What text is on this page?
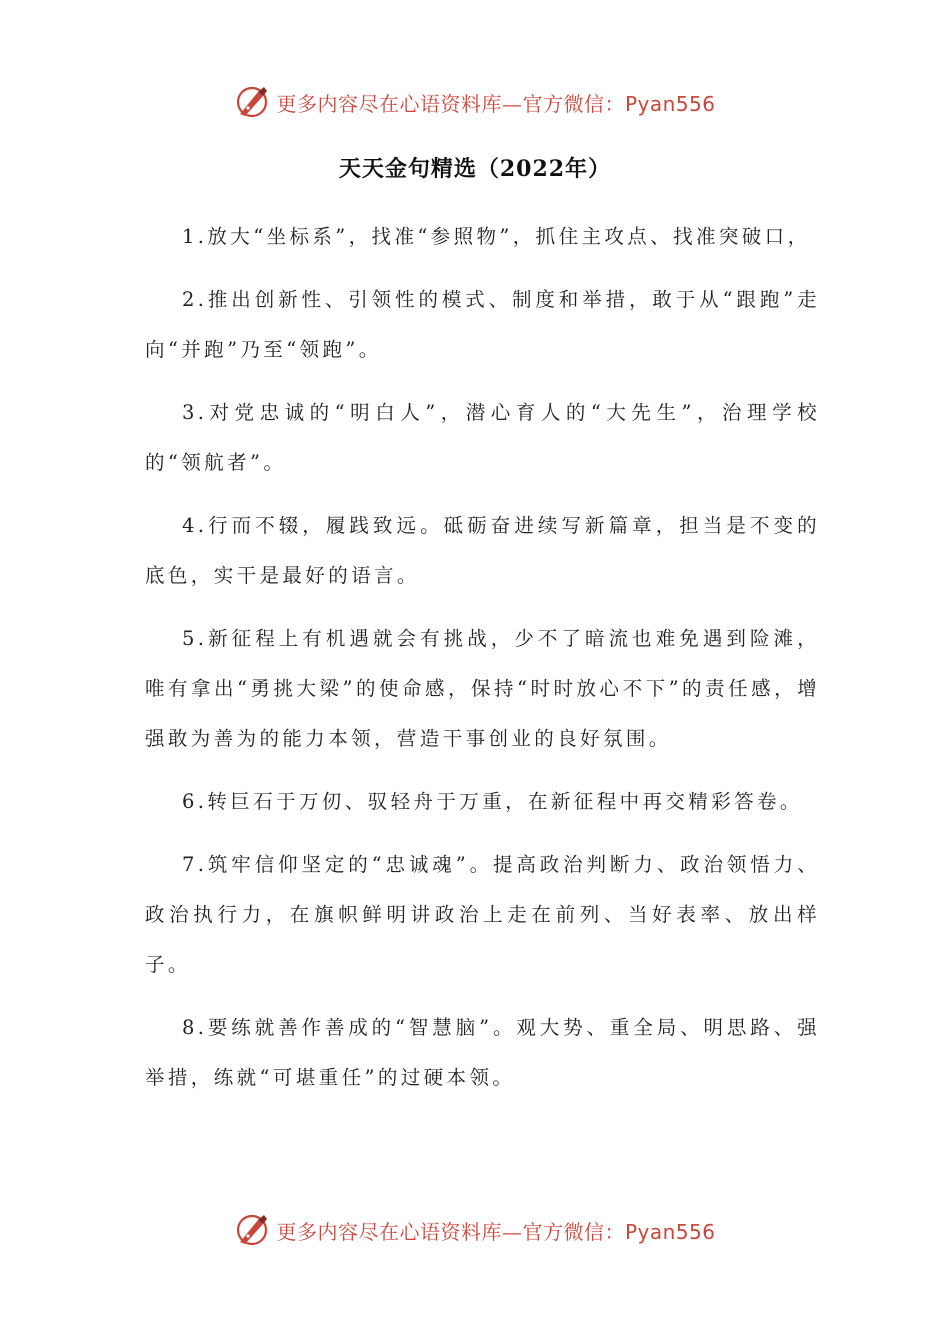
更多内容尽在心语资料库—官方微信：Pyan556
天天金句精选（2022年）

1.放大“坐标系”，找准“参照物”，抓住主攻点、找准突破口，

2.推出创新性、引领性的模式、制度和举措，敢于从“跟跑”走向“并跑”乃至“领跑”。

3.对党忠诚的“明白人”，潜心育人的“大先生”，治理学校的“领航者”。

4.行而不辍，履践致远。砥砺奋进续写新篇章，担当是不变的底色，实干是最好的语言。

5.新征程上有机遇就会有挑战，少不了暗流也难免遇到险滩，唯有拿出“勇挑大梁”的使命感，保持“时时放心不下”的责任感，增强敢为善为的能力本领，营造干事创业的良好氛围。

6.转巨石于万仞、驭轻舟于万重，在新征程中再交精彩答卷。

7.筑牢信仰坚定的“忠诚魂”。提高政治判断力、政治领悟力、政治执行力，在旗帜鲜明讲政治上走在前列、当好表率、放出样子。

8.要练就善作善成的“智慧脑”。观大势、重全局、明思路、强举措，练就“可堪重任”的过硬本领。

更多内容尽在心语资料库—官方微信：Pyan556
